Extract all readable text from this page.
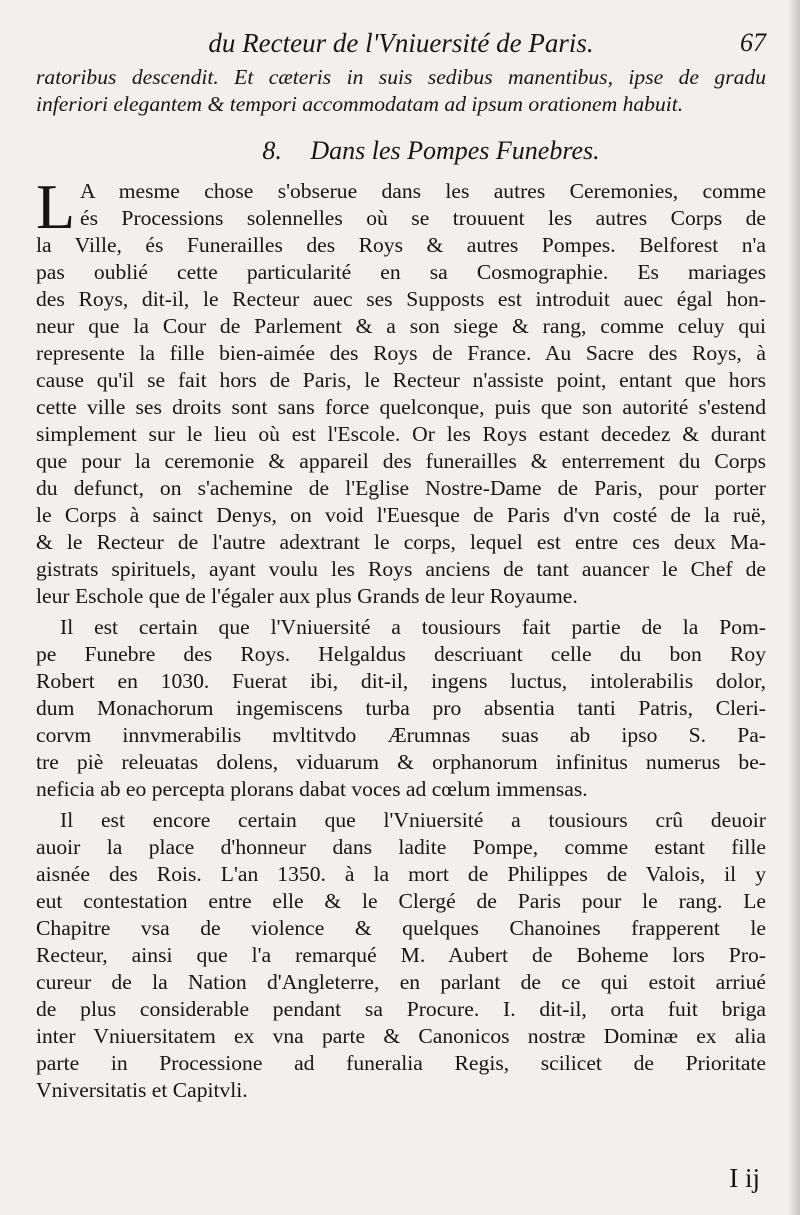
du Recteur de l'Vniuersité de Paris.	67
ratoribus descendit. Et cæteris in suis sedibus manentibus, ipse de gradu
inferiori elegantem & tempori accommodatam ad ipsum orationem habuit.
8. Dans les Pompes Funebres.
L A mesme chose s'obserue dans les autres Ceremonies, comme
és Processions solennelles où se trouuent les autres Corps de
la Ville, és Funerailles des Roys & autres Pompes. Belforest n'a
pas oublié cette particularité en sa Cosmographie. Es mariages
des Roys, dit-il, le Recteur auec ses Supposts est introduit auec égal hon-
neur que la Cour de Parlement & a son siege & rang, comme celuy qui
represente la fille bien-aimée des Roys de France. Au Sacre des Roys, à
cause qu'il se fait hors de Paris, le Recteur n'assiste point, entant que hors
cette ville ses droits sont sans force quelconque, puis que son autorité s'estend
simplement sur le lieu où est l'Escole. Or les Roys estant decedez & durant
que pour la ceremonie & appareil des funerailles & enterrement du Corps
du defunct, on s'achemine de l'Eglise Nostre-Dame de Paris, pour porter
le Corps à sainct Denys, on void l'Euesque de Paris d'vn costé de la ruë,
& le Recteur de l'autre adextrant le corps, lequel est entre ces deux Ma-
gistrats spirituels, ayant voulu les Roys anciens de tant auancer le Chef de
leur Eschole que de l'égaler aux plus Grands de leur Royaume.
Il est certain que l'Vniuersité a tousiours fait partie de la Pom-
pe Funebre des Roys. Helgaldus descriuant celle du bon Roy
Robert en 1030. Fuerat ibi, dit-il, ingens luctus, intolerabilis dolor,
dum Monachorum ingemiscens turba pro absentia tanti Patris, Cleri-
corvm innvmerabilis mvltitvdo Ærumnas suas ab ipso S. Pa-
tre piè releuatas dolens, viduarum & orphanorum infinitus numerus be-
neficia ab eo percepta plorans dabat voces ad cœlum immensas.
Il est encore certain que l'Vniuersité a tousiours crû deuoir
auoir la place d'honneur dans ladite Pompe, comme estant fille
aisnée des Rois. L'an 1350. à la mort de Philippes de Valois, il y
eut contestation entre elle & le Clergé de Paris pour le rang. Le
Chapitre vsa de violence & quelques Chanoines frapperent le
Recteur, ainsi que l'a remarqué M. Aubert de Boheme lors Pro-
cureur de la Nation d'Angleterre, en parlant de ce qui estoit arriué
de plus considerable pendant sa Procure. I. dit-il, orta fuit briga
inter Vniuersitatem ex vna parte & Canonicos nostræ Dominæ ex alia
parte in Processione ad funeralia Regis, scilicet de Prioritate
Vniversitatis et Capitvli.
I ij
